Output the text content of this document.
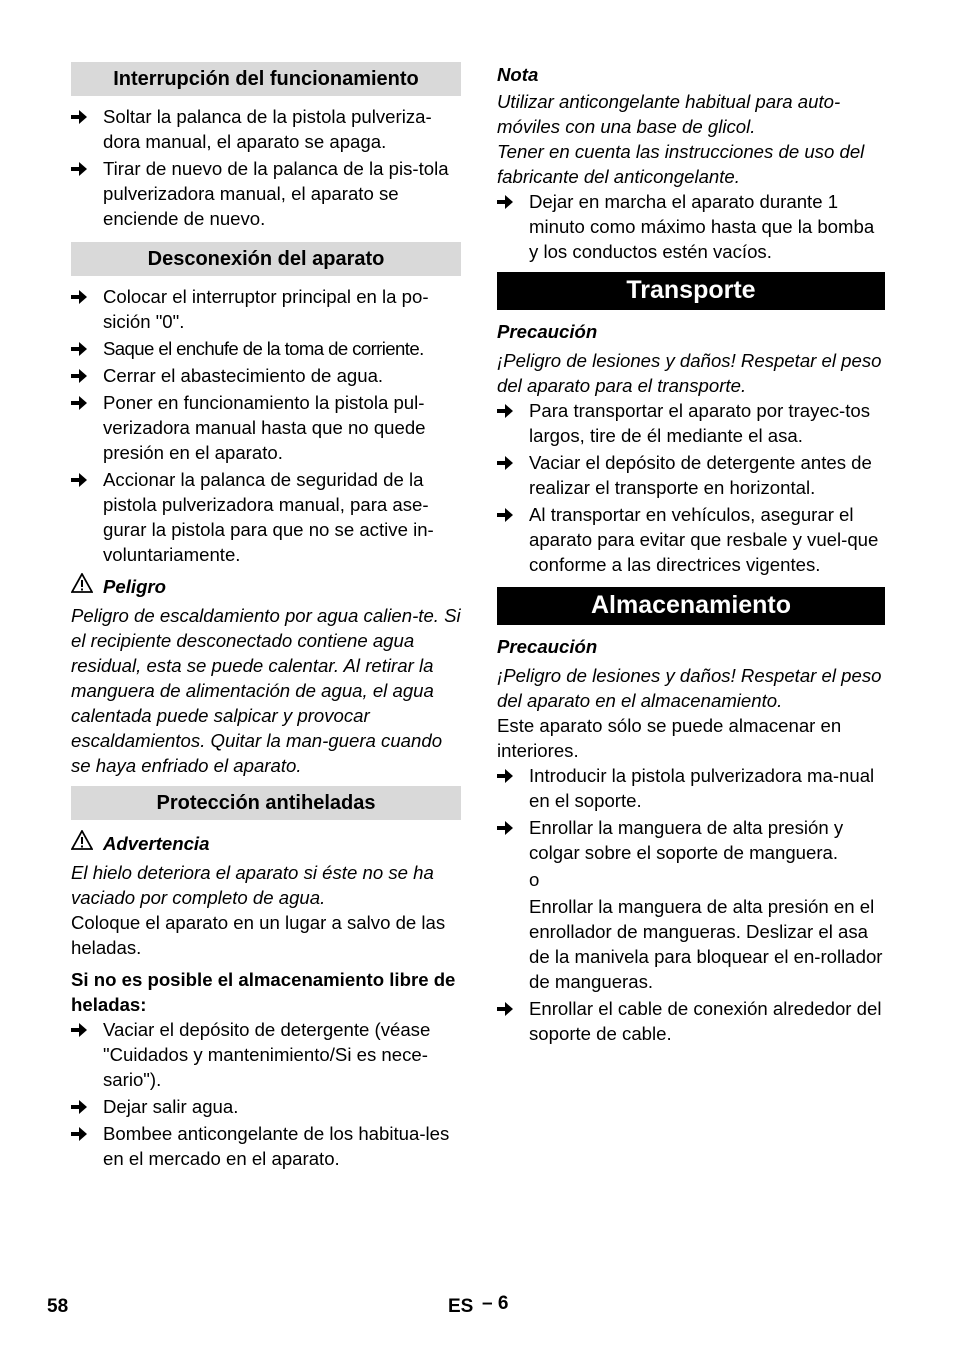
Interrupción del funcionamiento
Soltar la palanca de la pistola pulveriza-dora manual, el aparato se apaga.
Tirar de nuevo de la palanca de la pis-tola pulverizadora manual, el aparato se enciende de nuevo.
Desconexión del aparato
Colocar el interruptor principal en la po-sición "0".
Saque el enchufe de la toma de corriente.
Cerrar el abastecimiento de agua.
Poner en funcionamiento la pistola pul-verizadora manual hasta que no quede presión en el aparato.
Accionar la palanca de seguridad de la pistola pulverizadora manual, para ase-gurar la pistola para que no se active in-voluntariamente.
Peligro
Peligro de escaldamiento por agua calien-te. Si el recipiente desconectado contiene agua residual, esta se puede calentar. Al retirar la manguera de alimentación de agua, el agua calentada puede salpicar y provocar escaldamientos. Quitar la man-guera cuando se haya enfriado el aparato.
Protección antiheladas
Advertencia
El hielo deteriora el aparato si éste no se ha vaciado por completo de agua.
Coloque el aparato en un lugar a salvo de las heladas.
Si no es posible el almacenamiento libre de heladas:
Vaciar el depósito de detergente (véase "Cuidados y mantenimiento/Si es nece-sario").
Dejar salir agua.
Bombee anticongelante de los habitua-les en el mercado en el aparato.
Nota
Utilizar anticongelante habitual para auto-móviles con una base de glicol.
Tener en cuenta las instrucciones de uso del fabricante del anticongelante.
Dejar en marcha el aparato durante 1 minuto como máximo hasta que la bomba y los conductos estén vacíos.
Transporte
Precaución
¡Peligro de lesiones y daños! Respetar el peso del aparato para el transporte.
Para transportar el aparato por trayec-tos largos, tire de él mediante el asa.
Vaciar el depósito de detergente antes de realizar el transporte en horizontal.
Al transportar en vehículos, asegurar el aparato para evitar que resbale y vuel-que conforme a las directrices vigentes.
Almacenamiento
Precaución
¡Peligro de lesiones y daños! Respetar el peso del aparato en el almacenamiento.
Este aparato sólo se puede almacenar en interiores.
Introducir la pistola pulverizadora ma-nual en el soporte.
Enrollar la manguera de alta presión y colgar sobre el soporte de manguera.
o
Enrollar la manguera de alta presión en el enrollador de mangueras. Deslizar el asa de la manivela para bloquear el en-rollador de mangueras.
Enrollar el cable de conexión alrededor del soporte de cable.
58	ES – 6
